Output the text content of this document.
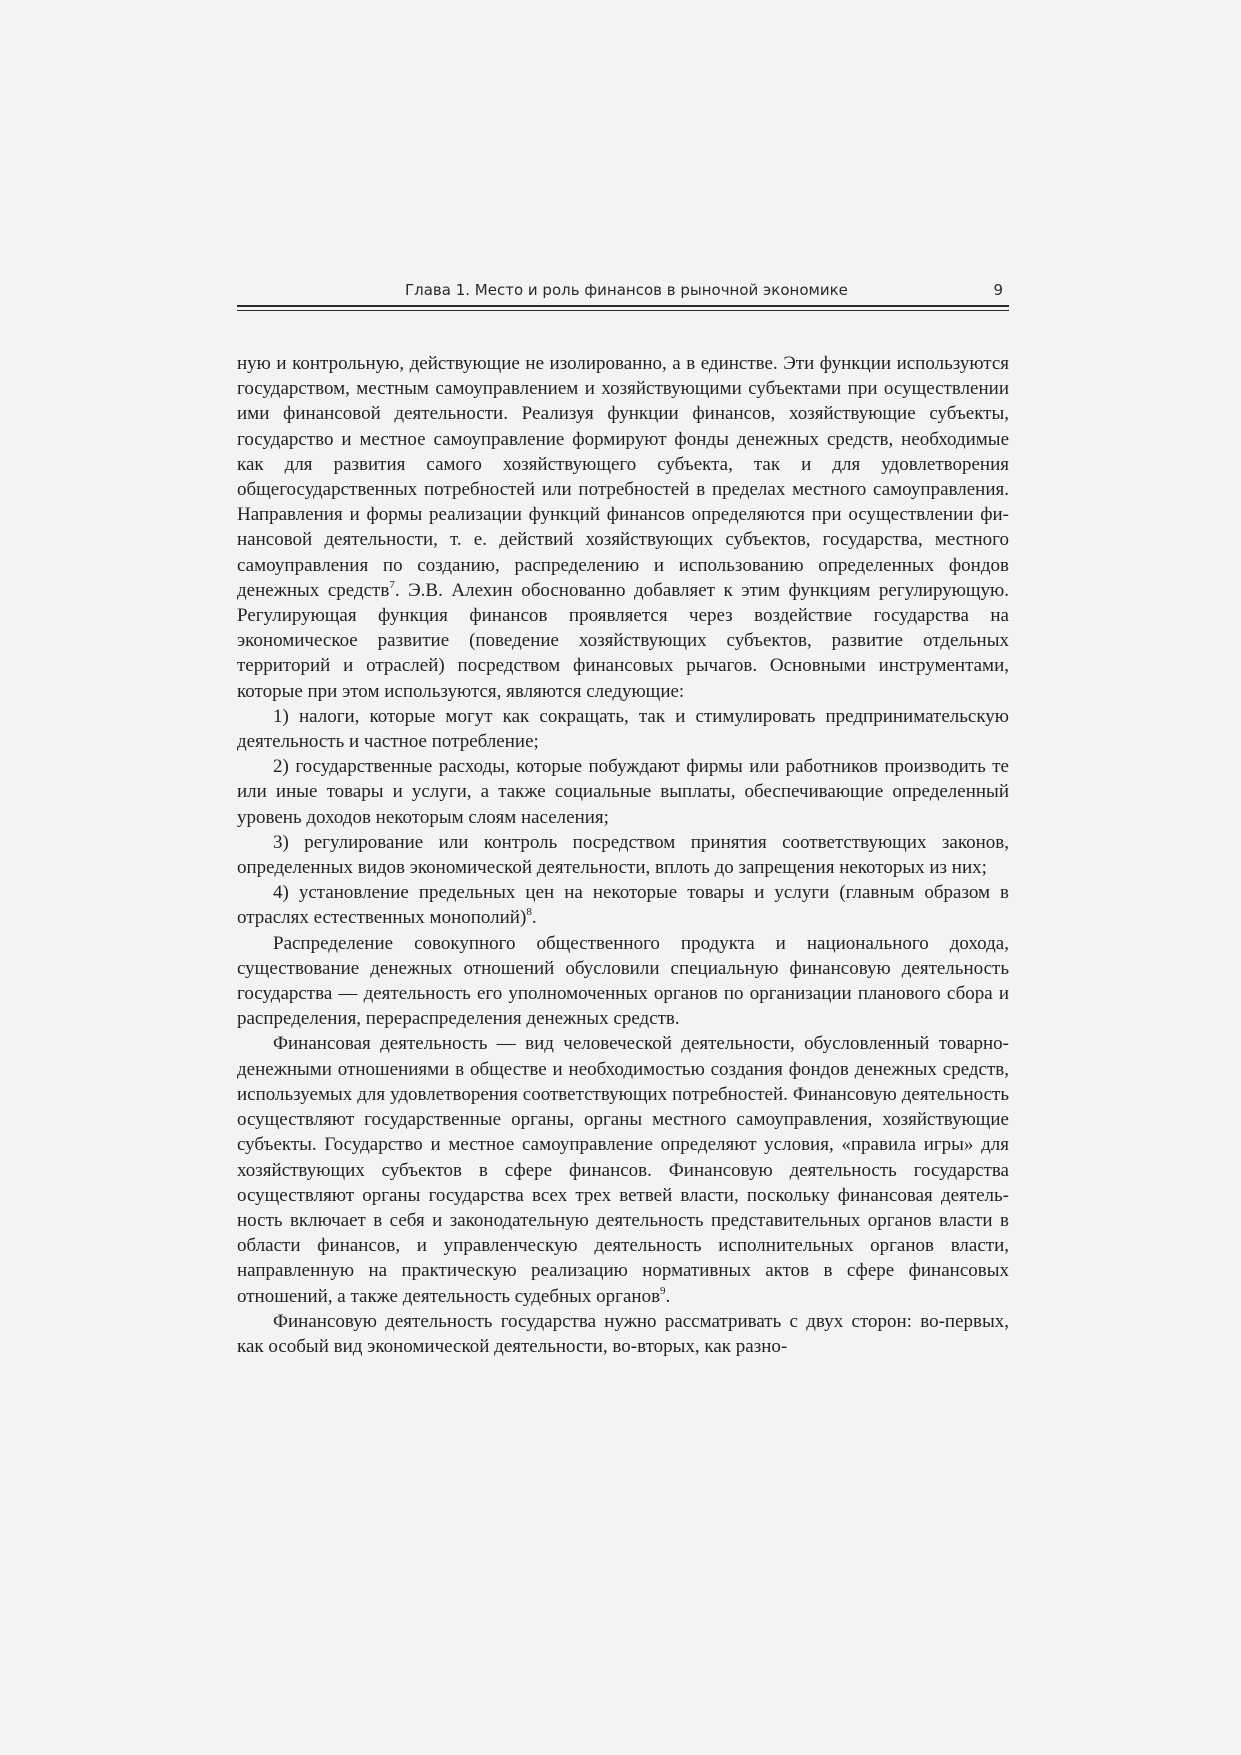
Глава 1. Место и роль финансов в рыночной экономике	9

ную и контрольную, действующие не изолированно, а в единстве. Эти функции используются государством, местным самоуправлением и хозяйствующими субъектами при осуществлении ими финансовой деятельности. Реализуя функции финансов, хозяйствующие субъекты, государство и местное самоуправление формируют фонды денежных средств, необходимые как для развития самого хозяйствующего субъекта, так и для удовлетворения общегосударственных потребностей или потребностей в пределах местного самоуправления. Направления и формы реализации функций финансов определяются при осуществлении финансовой деятельности, т. е. действий хозяйствующих субъектов, государства, местного самоуправления по созданию, распределению и использованию определенных фондов денежных средств$^7$. Э.В. Алехин обоснованно добавляет к этим функциям регулирующую. Регулирующая функция финансов проявляется через воздействие государства на экономическое развитие (поведение хозяйствующих субъектов, развитие отдельных территорий и отраслей) посредством финансовых рычагов. Основными инструментами, которые при этом используются, являются следующие:

1) налоги, которые могут как сокращать, так и стимулировать предпринимательскую деятельность и частное потребление;

2) государственные расходы, которые побуждают фирмы или работников производить те или иные товары и услуги, а также социальные выплаты, обеспечивающие определенный уровень доходов некоторым слоям населения;

3) регулирование или контроль посредством принятия соответствующих законов, определенных видов экономической деятельности, вплоть до запрещения некоторых из них;

4) установление предельных цен на некоторые товары и услуги (главным образом в отраслях естественных монополий)$^8$.

Распределение совокупного общественного продукта и национального дохода, существование денежных отношений обусловили специальную финансовую деятельность государства — деятельность его уполномоченных органов по организации планового сбора и распределения, перераспределения денежных средств.

Финансовая деятельность — вид человеческой деятельности, обусловленный товарно-денежными отношениями в обществе и необходимостью создания фондов денежных средств, используемых для удовлетворения соответствующих потребностей. Финансовую деятельность осуществляют государственные органы, органы местного самоуправления, хозяйствующие субъекты. Государство и местное самоуправление определяют условия, «правила игры» для хозяйствующих субъектов в сфере финансов. Финансовую деятельность государства осуществляют органы государства всех трех ветвей власти, поскольку финансовая деятельность включает в себя и законодательную деятельность представительных органов власти в области финансов, и управленческую деятельность исполнительных органов власти, направленную на практическую реализацию нормативных актов в сфере финансовых отношений, а также деятельность судебных органов$^9$.

Финансовую деятельность государства нужно рассматривать с двух сторон: во-первых, как особый вид экономической деятельности, во-вторых, как разно-
